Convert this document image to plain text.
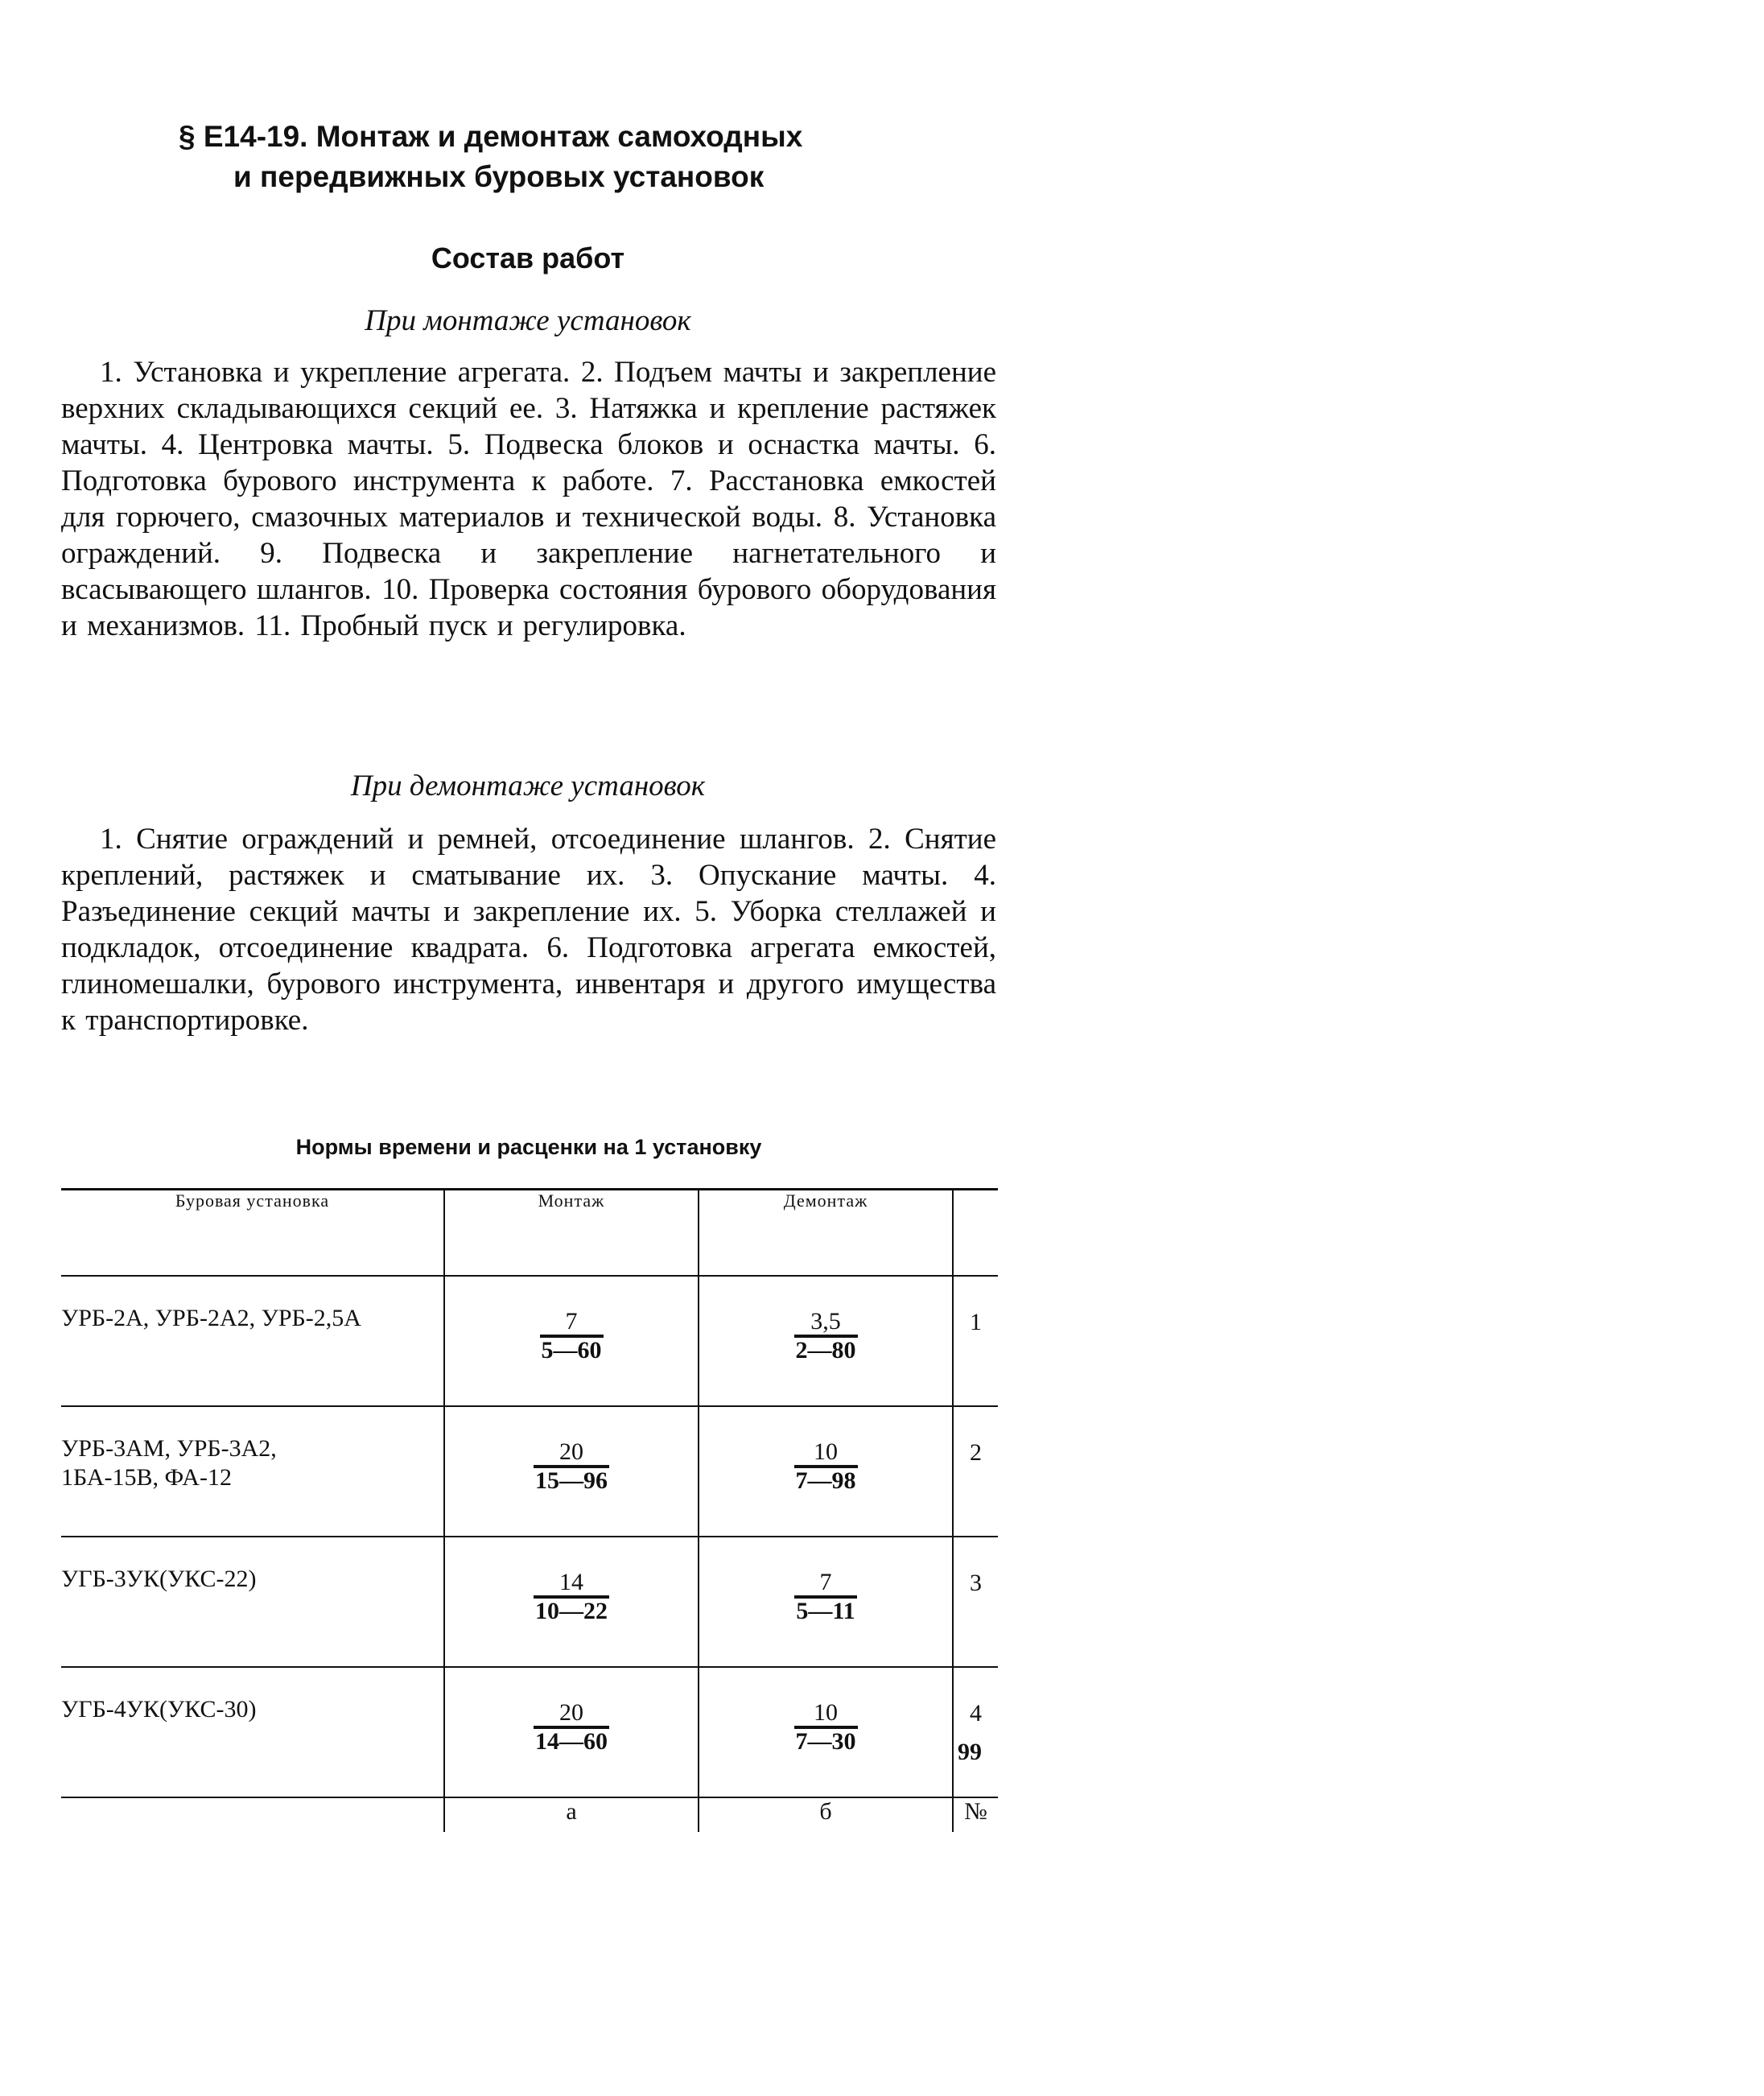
§ Е14-19. Монтаж и демонтаж самоходных
и передвижных буровых установок
Состав работ
При монтаже установок
1. Установка и укрепление агрегата. 2. Подъем мачты и закрепление верхних складывающихся секций ее. 3. Натяжка и крепление растяжек мачты. 4. Центровка мачты. 5. Подвеска блоков и оснастка мачты. 6. Подготовка бурового инструмента к работе. 7. Расстановка емкостей для горючего, смазочных материалов и технической воды. 8. Установка ограждений. 9. Подвеска и закрепление нагнетательного и всасывающего шлангов. 10. Проверка состояния бурового оборудования и механизмов. 11. Пробный пуск и регулировка.
При демонтаже установок
1. Снятие ограждений и ремней, отсоединение шлангов. 2. Снятие креплений, растяжек и сматывание их. 3. Опускание мачты. 4. Разъединение секций мачты и закрепление их. 5. Уборка стеллажей и подкладок, отсоединение квадрата. 6. Подготовка агрегата емкостей, глиномешалки, бурового инструмента, инвентаря и другого имущества к транспортировке.
Нормы времени и расценки на 1 установку
Буровая установка	Монтаж	Демонтаж	
УРБ-2А, УРБ-2А2, УРБ-2,5А	$\frac{7}{5—60}$	$\frac{3,5}{2—80}$	1
УРБ-3АМ, УРБ-3А2,
1БА-15В, ФА-12	$\frac{20}{15—96}$	$\frac{10}{7—98}$	2
УГБ-3УК(УКС-22)	$\frac{14}{10—22}$	$\frac{7}{5—11}$	3
УГБ-4УК(УКС-30)	$\frac{20}{14—60}$	$\frac{10}{7—30}$	4
	а	б	№
99
